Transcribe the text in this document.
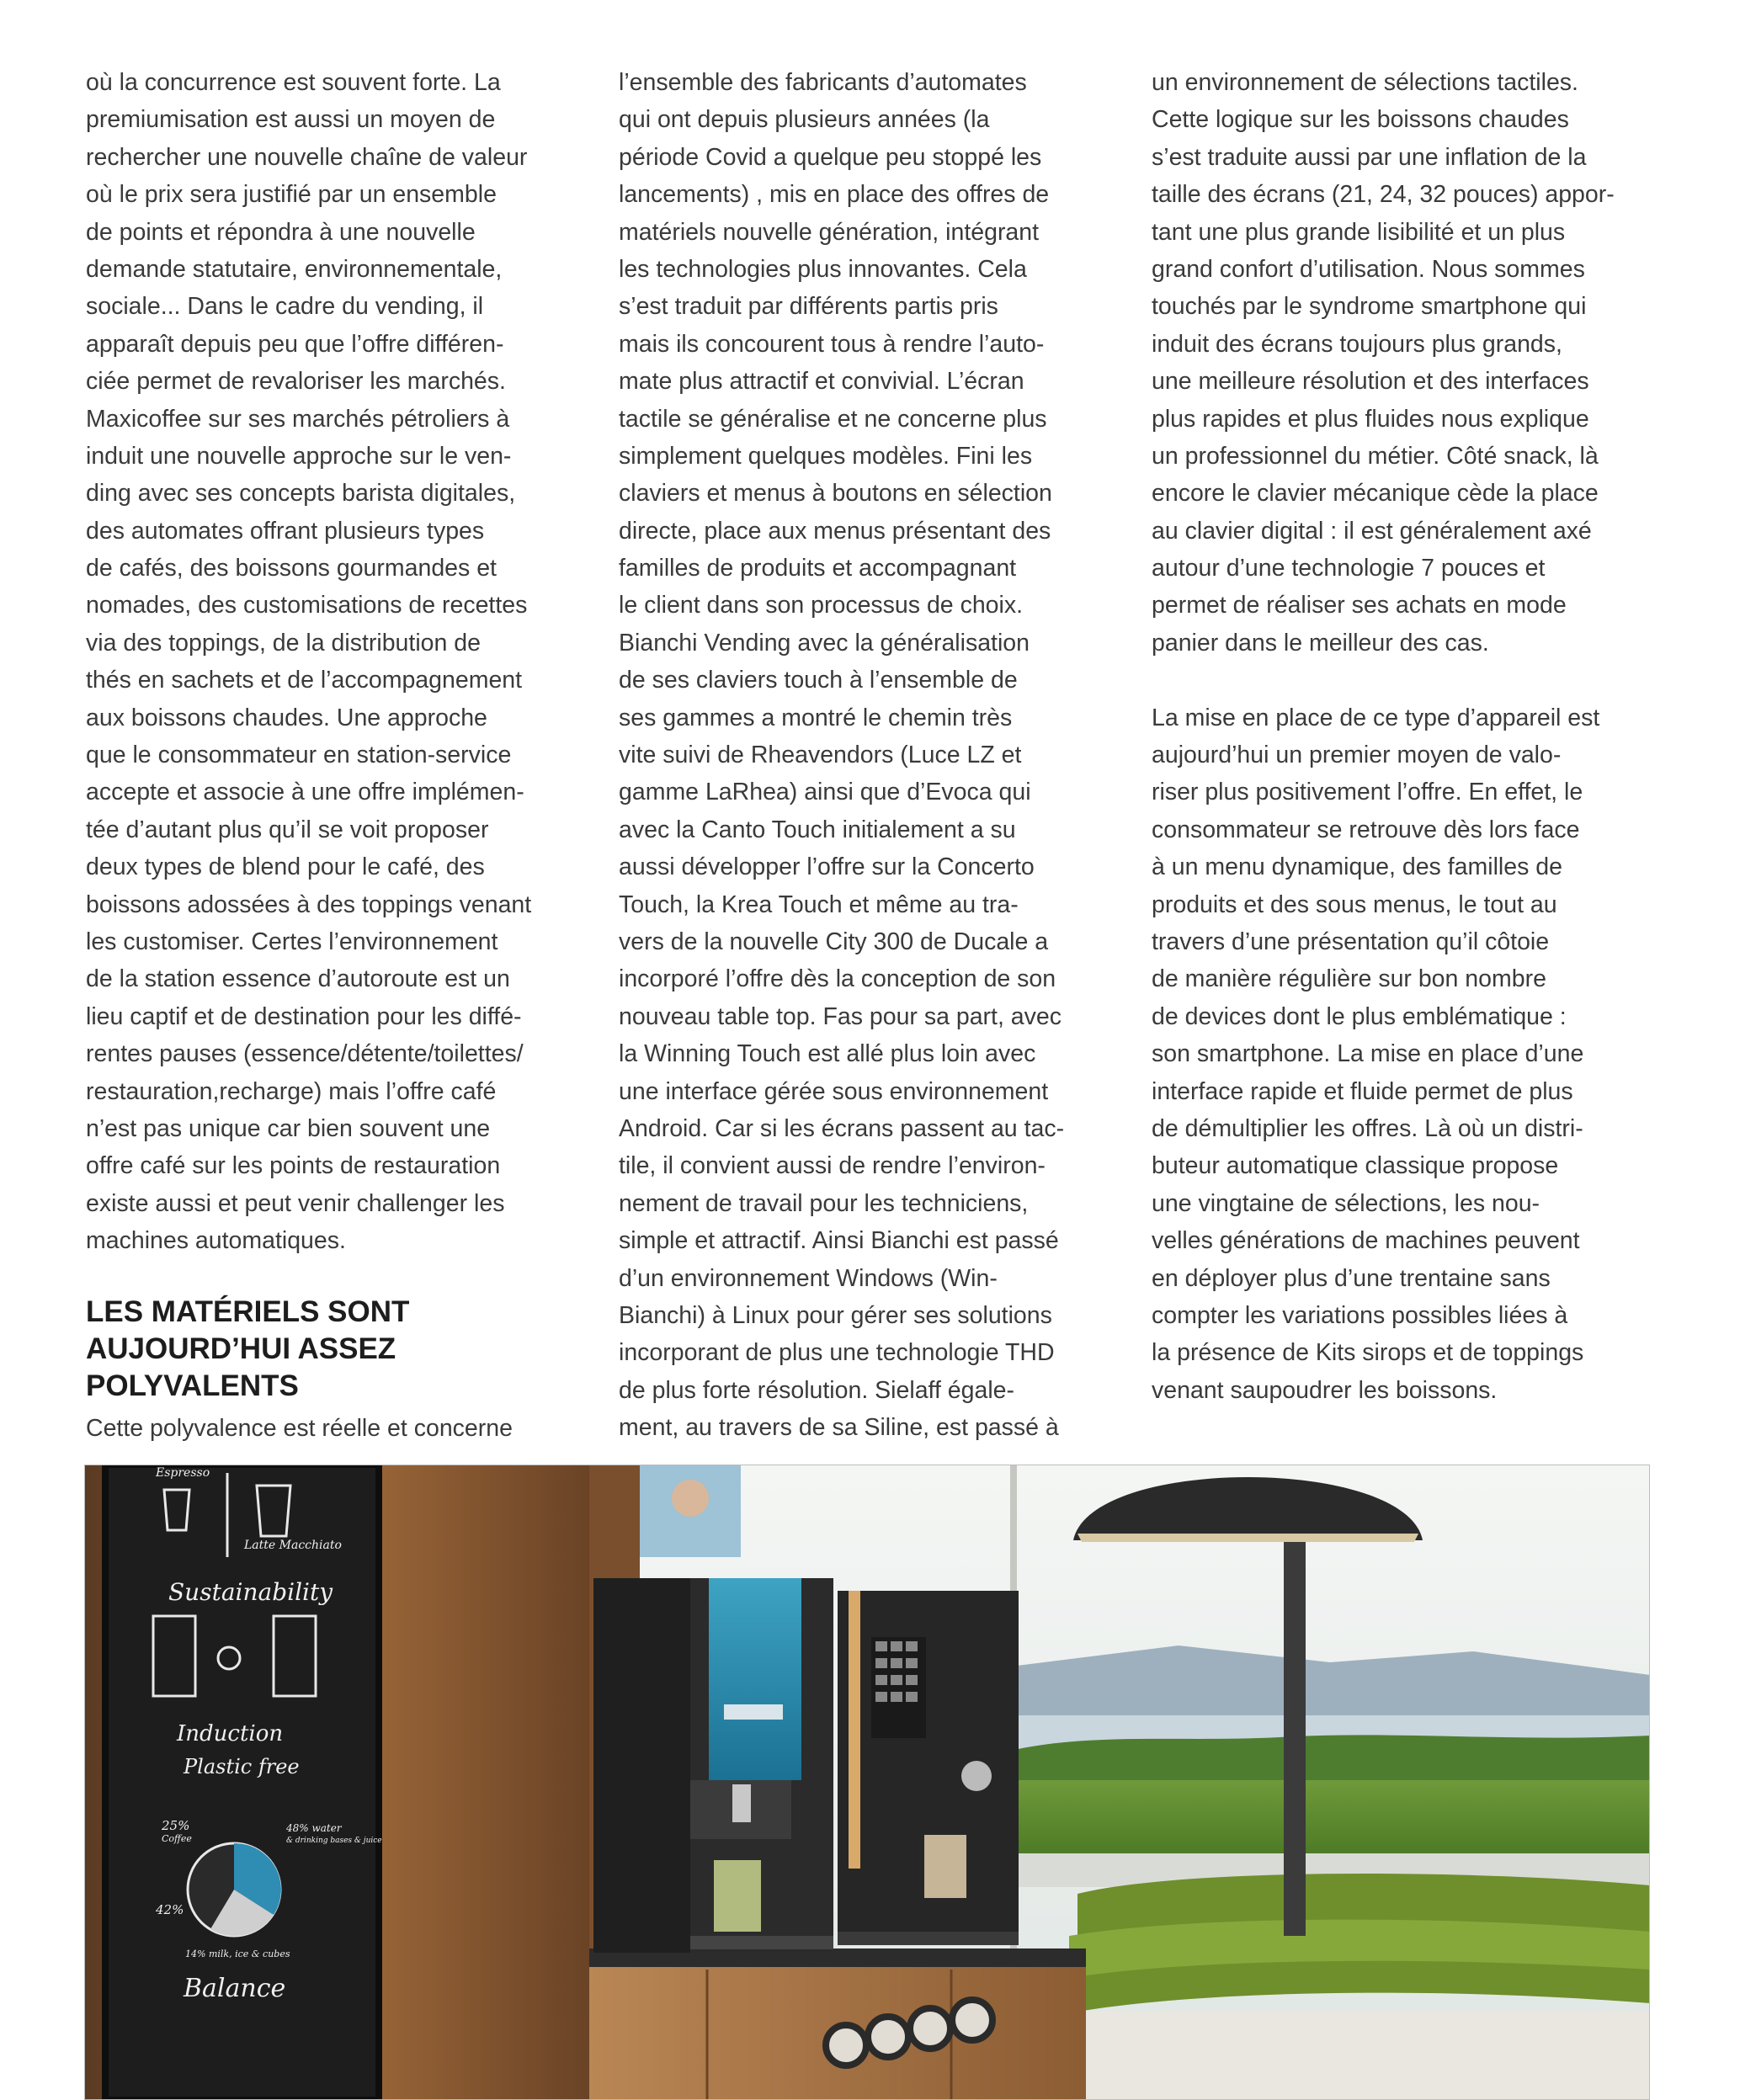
où la concurrence est souvent forte. La
premiumisation est aussi un moyen de
rechercher une nouvelle chaîne de valeur
où le prix sera justifié par un ensemble
de points et répondra à une nouvelle
demande statutaire, environnementale,
sociale... Dans le cadre du vending, il
apparaît depuis peu que l’offre différen-
ciée permet de revaloriser les marchés.
Maxicoffee sur ses marchés pétroliers à
induit une nouvelle approche sur le ven-
ding avec ses concepts barista digitales,
des automates offrant plusieurs types
de cafés, des boissons gourmandes et
nomades, des customisations de recettes
via des toppings, de la distribution de
thés en sachets et de l’accompagnement
aux boissons chaudes. Une approche
que le consommateur en station-service
accepte et associe à une offre implémen-
tée d’autant plus qu’il se voit proposer
deux types de blend pour le café, des
boissons adossées à des toppings venant
les customiser. Certes l’environnement
de la station essence d’autoroute est un
lieu captif et de destination pour les diffé-
rentes pauses (essence/détente/toilettes/
restauration,recharge) mais l’offre café
n’est pas unique car bien souvent une
offre café sur les points de restauration
existe aussi et peut venir challenger les
machines automatiques.
LES MATÉRIELS SONT
AUJOURD’HUI ASSEZ
POLYVALENTS
Cette polyvalence est réelle et concerne
l’ensemble des fabricants d’automates
qui ont depuis plusieurs années (la
période Covid a quelque peu stoppé les
lancements) , mis en place des offres de
matériels nouvelle génération, intégrant
les technologies plus innovantes. Cela
s’est traduit par différents partis pris
mais ils concourent tous à rendre l’auto-
mate plus attractif et convivial. L’écran
tactile se généralise et ne concerne plus
simplement quelques modèles. Fini les
claviers et menus à boutons en sélection
directe, place aux menus présentant des
familles de produits et accompagnant
le client dans son processus de choix.
Bianchi Vending avec la généralisation
de ses claviers touch à l’ensemble de
ses gammes a montré le chemin très
vite suivi de Rheavendors (Luce LZ et
gamme LaRhea) ainsi que d’Evoca qui
avec la Canto Touch initialement a su
aussi développer l’offre sur la Concerto
Touch, la Krea Touch et même au tra-
vers de la nouvelle City 300 de Ducale a
incorporé l’offre dès la conception de son
nouveau table top. Fas pour sa part, avec
la Winning Touch est allé plus loin avec
une interface gérée sous environnement
Android. Car si les écrans passent au tac-
tile, il convient aussi de rendre l’environ-
nement de travail pour les techniciens,
simple et attractif. Ainsi Bianchi est passé
d’un environnement Windows (Win-
Bianchi) à Linux pour gérer ses solutions
incorporant de plus une technologie THD
de plus forte résolution. Sielaff égale-
ment, au travers de sa Siline, est passé à
un environnement de sélections tactiles.
Cette logique sur les boissons chaudes
s’est traduite aussi par une inflation de la
taille des écrans (21, 24, 32 pouces) appor-
tant une plus grande lisibilité et un plus
grand confort d’utilisation. Nous sommes
touchés par le syndrome smartphone qui
induit des écrans toujours plus grands,
une meilleure résolution et des interfaces
plus rapides et plus fluides nous explique
un professionnel du métier. Côté snack, là
encore le clavier mécanique cède la place
au clavier digital : il est généralement axé
autour d’une technologie 7 pouces et
permet de réaliser ses achats en mode
panier dans le meilleur des cas.
La mise en place de ce type d’appareil est
aujourd’hui un premier moyen de valo-
riser plus positivement l’offre. En effet, le
consommateur se retrouve dès lors face
à un menu dynamique, des familles de
produits et des sous menus, le tout au
travers d’une présentation qu’il côtoie
de manière régulière sur bon nombre
de devices dont le plus emblématique :
son smartphone. La mise en place d’une
interface rapide et fluide permet de plus
de démultiplier les offres. Là où un distri-
buteur automatique classique propose
une vingtaine de sélections, les nou-
velles générations de machines peuvent
en déployer plus d’une trentaine sans
compter les variations possibles liées à
la présence de Kits sirops et de toppings
venant saupoudrer les boissons.
Espresso
Latte Macchiato
Sustainability
Induction
Plastic free
25%
Coffee
48% water
& drinking bases & juice
42%
14% milk, ice & cubes
Balance
